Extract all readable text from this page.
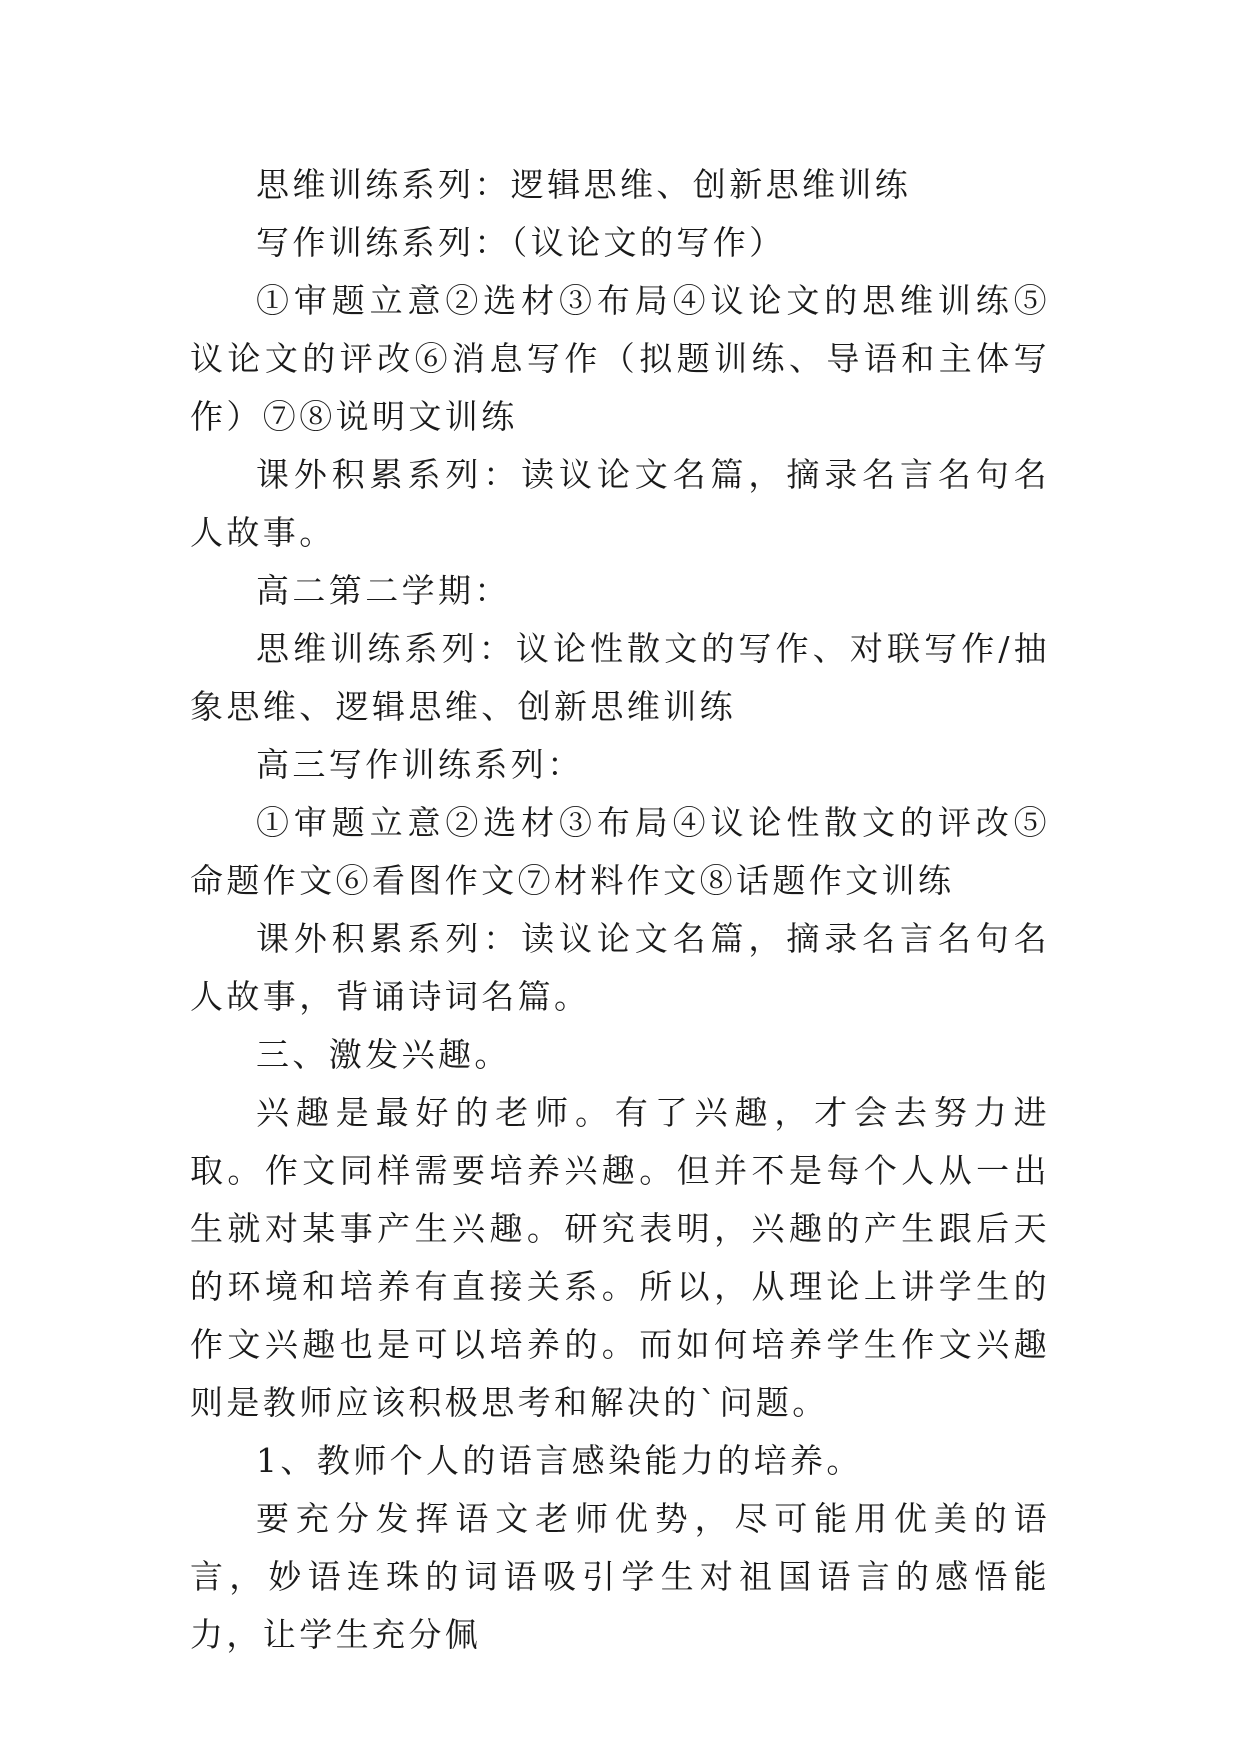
思维训练系列：逻辑思维、创新思维训练

写作训练系列：（议论文的写作）

①审题立意②选材③布局④议论文的思维训练⑤议论文的评改⑥消息写作（拟题训练、导语和主体写作）⑦⑧说明文训练

课外积累系列：读议论文名篇，摘录名言名句名人故事。

高二第二学期：

思维训练系列：议论性散文的写作、对联写作/抽象思维、逻辑思维、创新思维训练

高三写作训练系列：

①审题立意②选材③布局④议论性散文的评改⑤命题作文⑥看图作文⑦材料作文⑧话题作文训练

课外积累系列：读议论文名篇，摘录名言名句名人故事，背诵诗词名篇。

三、激发兴趣。

兴趣是最好的老师。有了兴趣，才会去努力进取。作文同样需要培养兴趣。但并不是每个人从一出生就对某事产生兴趣。研究表明，兴趣的产生跟后天的环境和培养有直接关系。所以，从理论上讲学生的作文兴趣也是可以培养的。而如何培养学生作文兴趣则是教师应该积极思考和解决的`问题。

1、教师个人的语言感染能力的培养。

要充分发挥语文老师优势，尽可能用优美的语言，妙语连珠的词语吸引学生对祖国语言的感悟能力，让学生充分佩
